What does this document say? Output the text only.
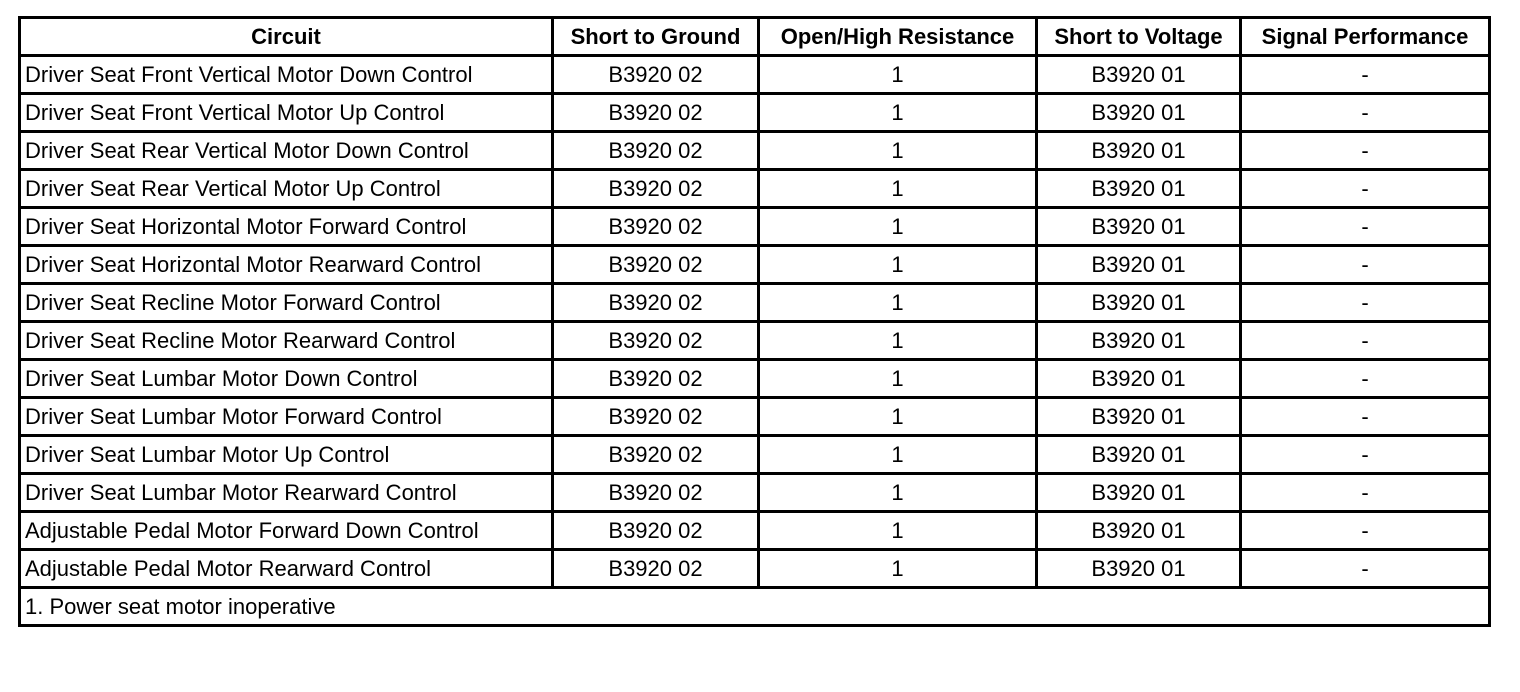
Circuit	Short to Ground	Open/High Resistance	Short to Voltage	Signal Performance
Driver Seat Front Vertical Motor Down Control	B3920 02	1	B3920 01	-
Driver Seat Front Vertical Motor Up Control	B3920 02	1	B3920 01	-
Driver Seat Rear Vertical Motor Down Control	B3920 02	1	B3920 01	-
Driver Seat Rear Vertical Motor Up Control	B3920 02	1	B3920 01	-
Driver Seat Horizontal Motor Forward Control	B3920 02	1	B3920 01	-
Driver Seat Horizontal Motor Rearward Control	B3920 02	1	B3920 01	-
Driver Seat Recline Motor Forward Control	B3920 02	1	B3920 01	-
Driver Seat Recline Motor Rearward Control	B3920 02	1	B3920 01	-
Driver Seat Lumbar Motor Down Control	B3920 02	1	B3920 01	-
Driver Seat Lumbar Motor Forward Control	B3920 02	1	B3920 01	-
Driver Seat Lumbar Motor Up Control	B3920 02	1	B3920 01	-
Driver Seat Lumbar Motor Rearward Control	B3920 02	1	B3920 01	-
Adjustable Pedal Motor Forward Down Control	B3920 02	1	B3920 01	-
Adjustable Pedal Motor Rearward Control	B3920 02	1	B3920 01	-
1. Power seat motor inoperative				
